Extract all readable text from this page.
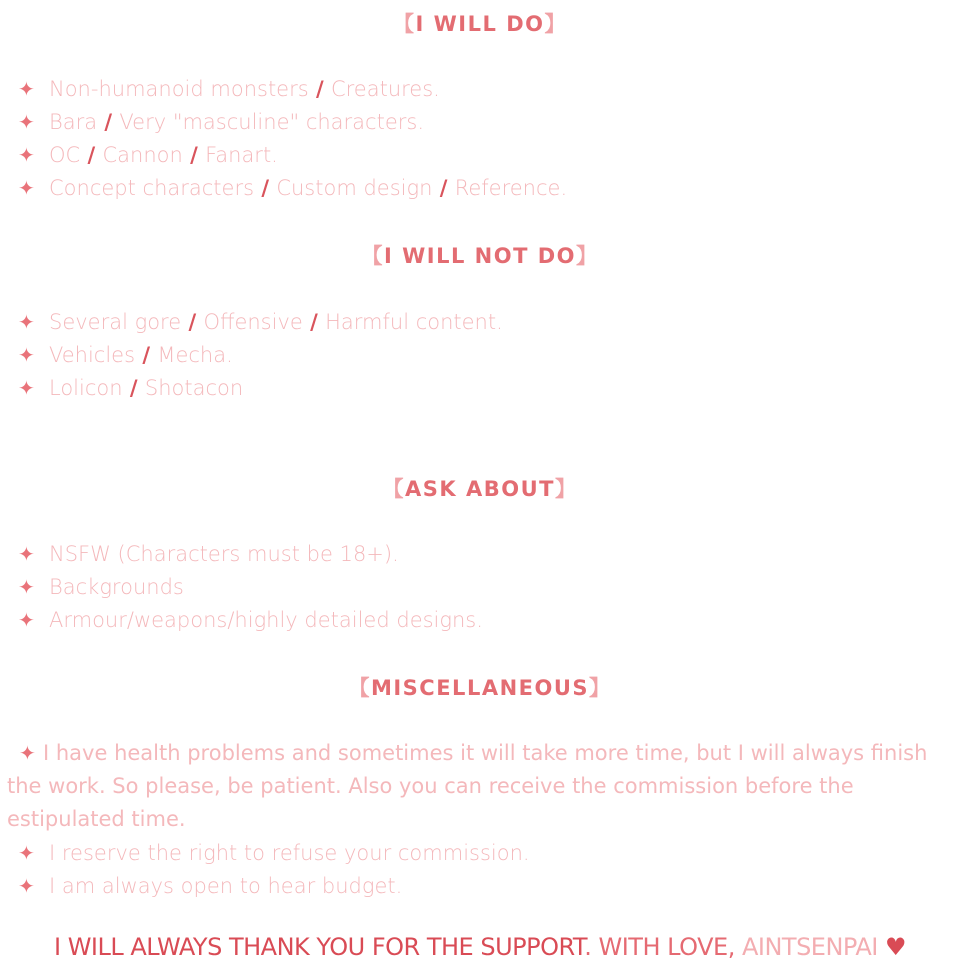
【I WILL DO】
✦ Non-humanoid monsters / Creatures.
✦ Bara / Very "masculine" characters.
✦ OC / Cannon / Fanart.
✦ Concept characters / Custom design / Reference.
【I WILL NOT DO】
✦ Several gore / Offensive / Harmful content.
✦ Vehicles / Mecha.
✦ Lolicon / Shotacon
【ASK ABOUT】
✦ NSFW (Characters must be 18+).
✦ Backgrounds
✦ Armour/weapons/highly detailed designs.
【MISCELLANEOUS】

✦ I have health problems and sometimes it will take more time, but I will always finish the work. So please, be patient. Also you can receive the commission before the estipulated time.

✦ I reserve the right to refuse your commission.
✦ I am always open to hear budget.
I WILL ALWAYS THANK YOU FOR THE SUPPORT. WITH LOVE, AINTSENPAI ♥
